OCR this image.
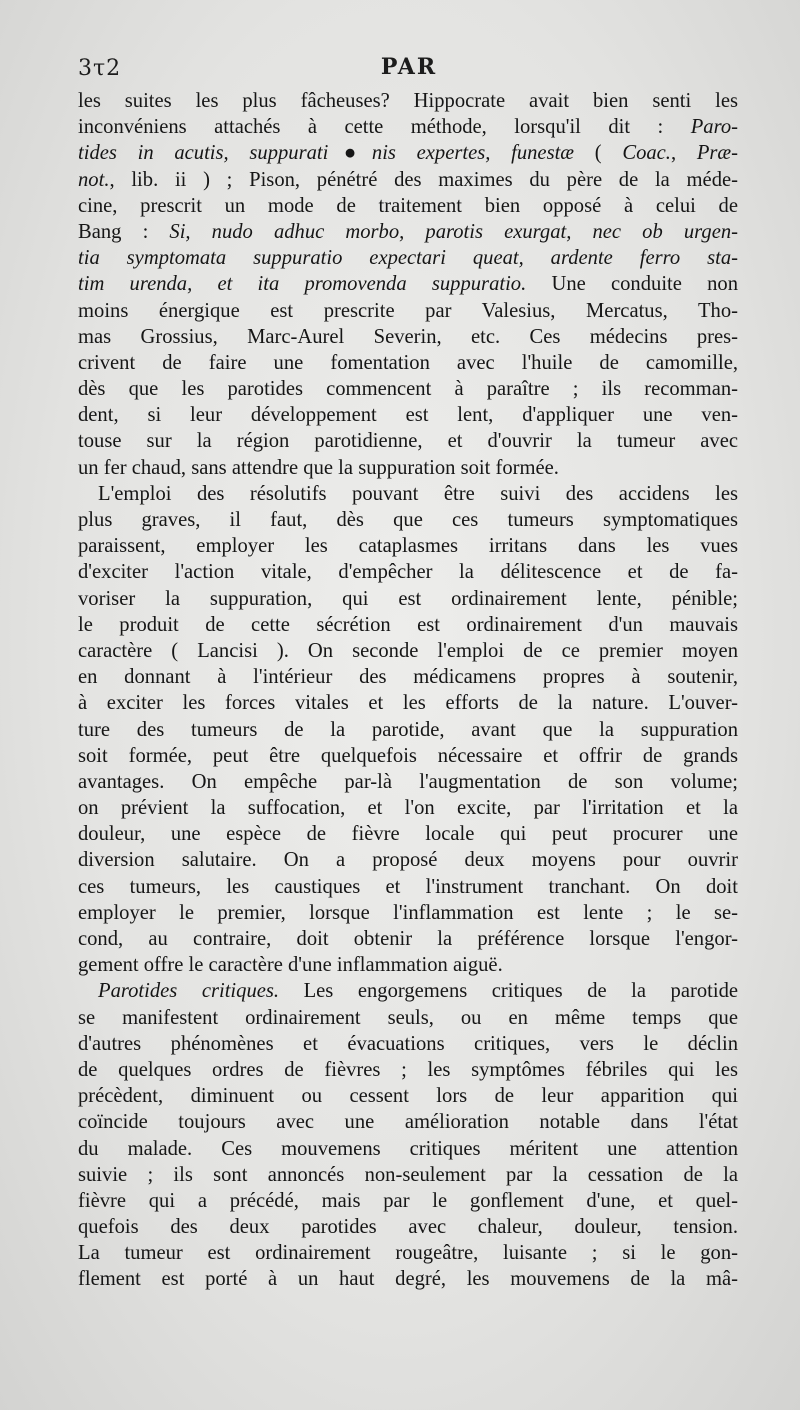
3τ2	PAR
les suites les plus fâcheuses? Hippocrate avait bien senti les
inconvéniens attachés à cette méthode, lorsqu'il dit : Paro-
tides in acutis, suppurati●nis expertes, funestæ ( Coac., Præ-
not., lib. ii ) ; Pison, pénétré des maximes du père de la méde-
cine, prescrit un mode de traitement bien opposé à celui de
Bang : Si, nudo adhuc morbo, parotis exurgat, nec ob urgen-
tia symptomata suppuratio expectari queat, ardente ferro sta-
tim urenda, et ita promovenda suppuratio. Une conduite non
moins énergique est prescrite par Valesius, Mercatus, Tho-
mas Grossius, Marc-Aurel Severin, etc. Ces médecins pres-
crivent de faire une fomentation avec l'huile de camomille,
dès que les parotides commencent à paraître ; ils recomman-
dent, si leur développement est lent, d'appliquer une ven-
touse sur la région parotidienne, et d'ouvrir la tumeur avec
un fer chaud, sans attendre que la suppuration soit formée.
L'emploi des résolutifs pouvant être suivi des accidens les
plus graves, il faut, dès que ces tumeurs symptomatiques
paraissent, employer les cataplasmes irritans dans les vues
d'exciter l'action vitale, d'empêcher la délitescence et de fa-
voriser la suppuration, qui est ordinairement lente, pénible;
le produit de cette sécrétion est ordinairement d'un mauvais
caractère ( Lancisi ). On seconde l'emploi de ce premier moyen
en donnant à l'intérieur des médicamens propres à soutenir,
à exciter les forces vitales et les efforts de la nature. L'ouver-
ture des tumeurs de la parotide, avant que la suppuration
soit formée, peut être quelquefois nécessaire et offrir de grands
avantages. On empêche par-là l'augmentation de son volume;
on prévient la suffocation, et l'on excite, par l'irritation et la
douleur, une espèce de fièvre locale qui peut procurer une
diversion salutaire. On a proposé deux moyens pour ouvrir
ces tumeurs, les caustiques et l'instrument tranchant. On doit
employer le premier, lorsque l'inflammation est lente ; le se-
cond, au contraire, doit obtenir la préférence lorsque l'engor-
gement offre le caractère d'une inflammation aiguë.
Parotides critiques. Les engorgemens critiques de la parotide
se manifestent ordinairement seuls, ou en même temps que
d'autres phénomènes et évacuations critiques, vers le déclin
de quelques ordres de fièvres ; les symptômes fébriles qui les
précèdent, diminuent ou cessent lors de leur apparition qui
coïncide toujours avec une amélioration notable dans l'état
du malade. Ces mouvemens critiques méritent une attention
suivie ; ils sont annoncés non-seulement par la cessation de la
fièvre qui a précédé, mais par le gonflement d'une, et quel-
quefois des deux parotides avec chaleur, douleur, tension.
La tumeur est ordinairement rougeâtre, luisante ; si le gon-
flement est porté à un haut degré, les mouvemens de la mâ-
